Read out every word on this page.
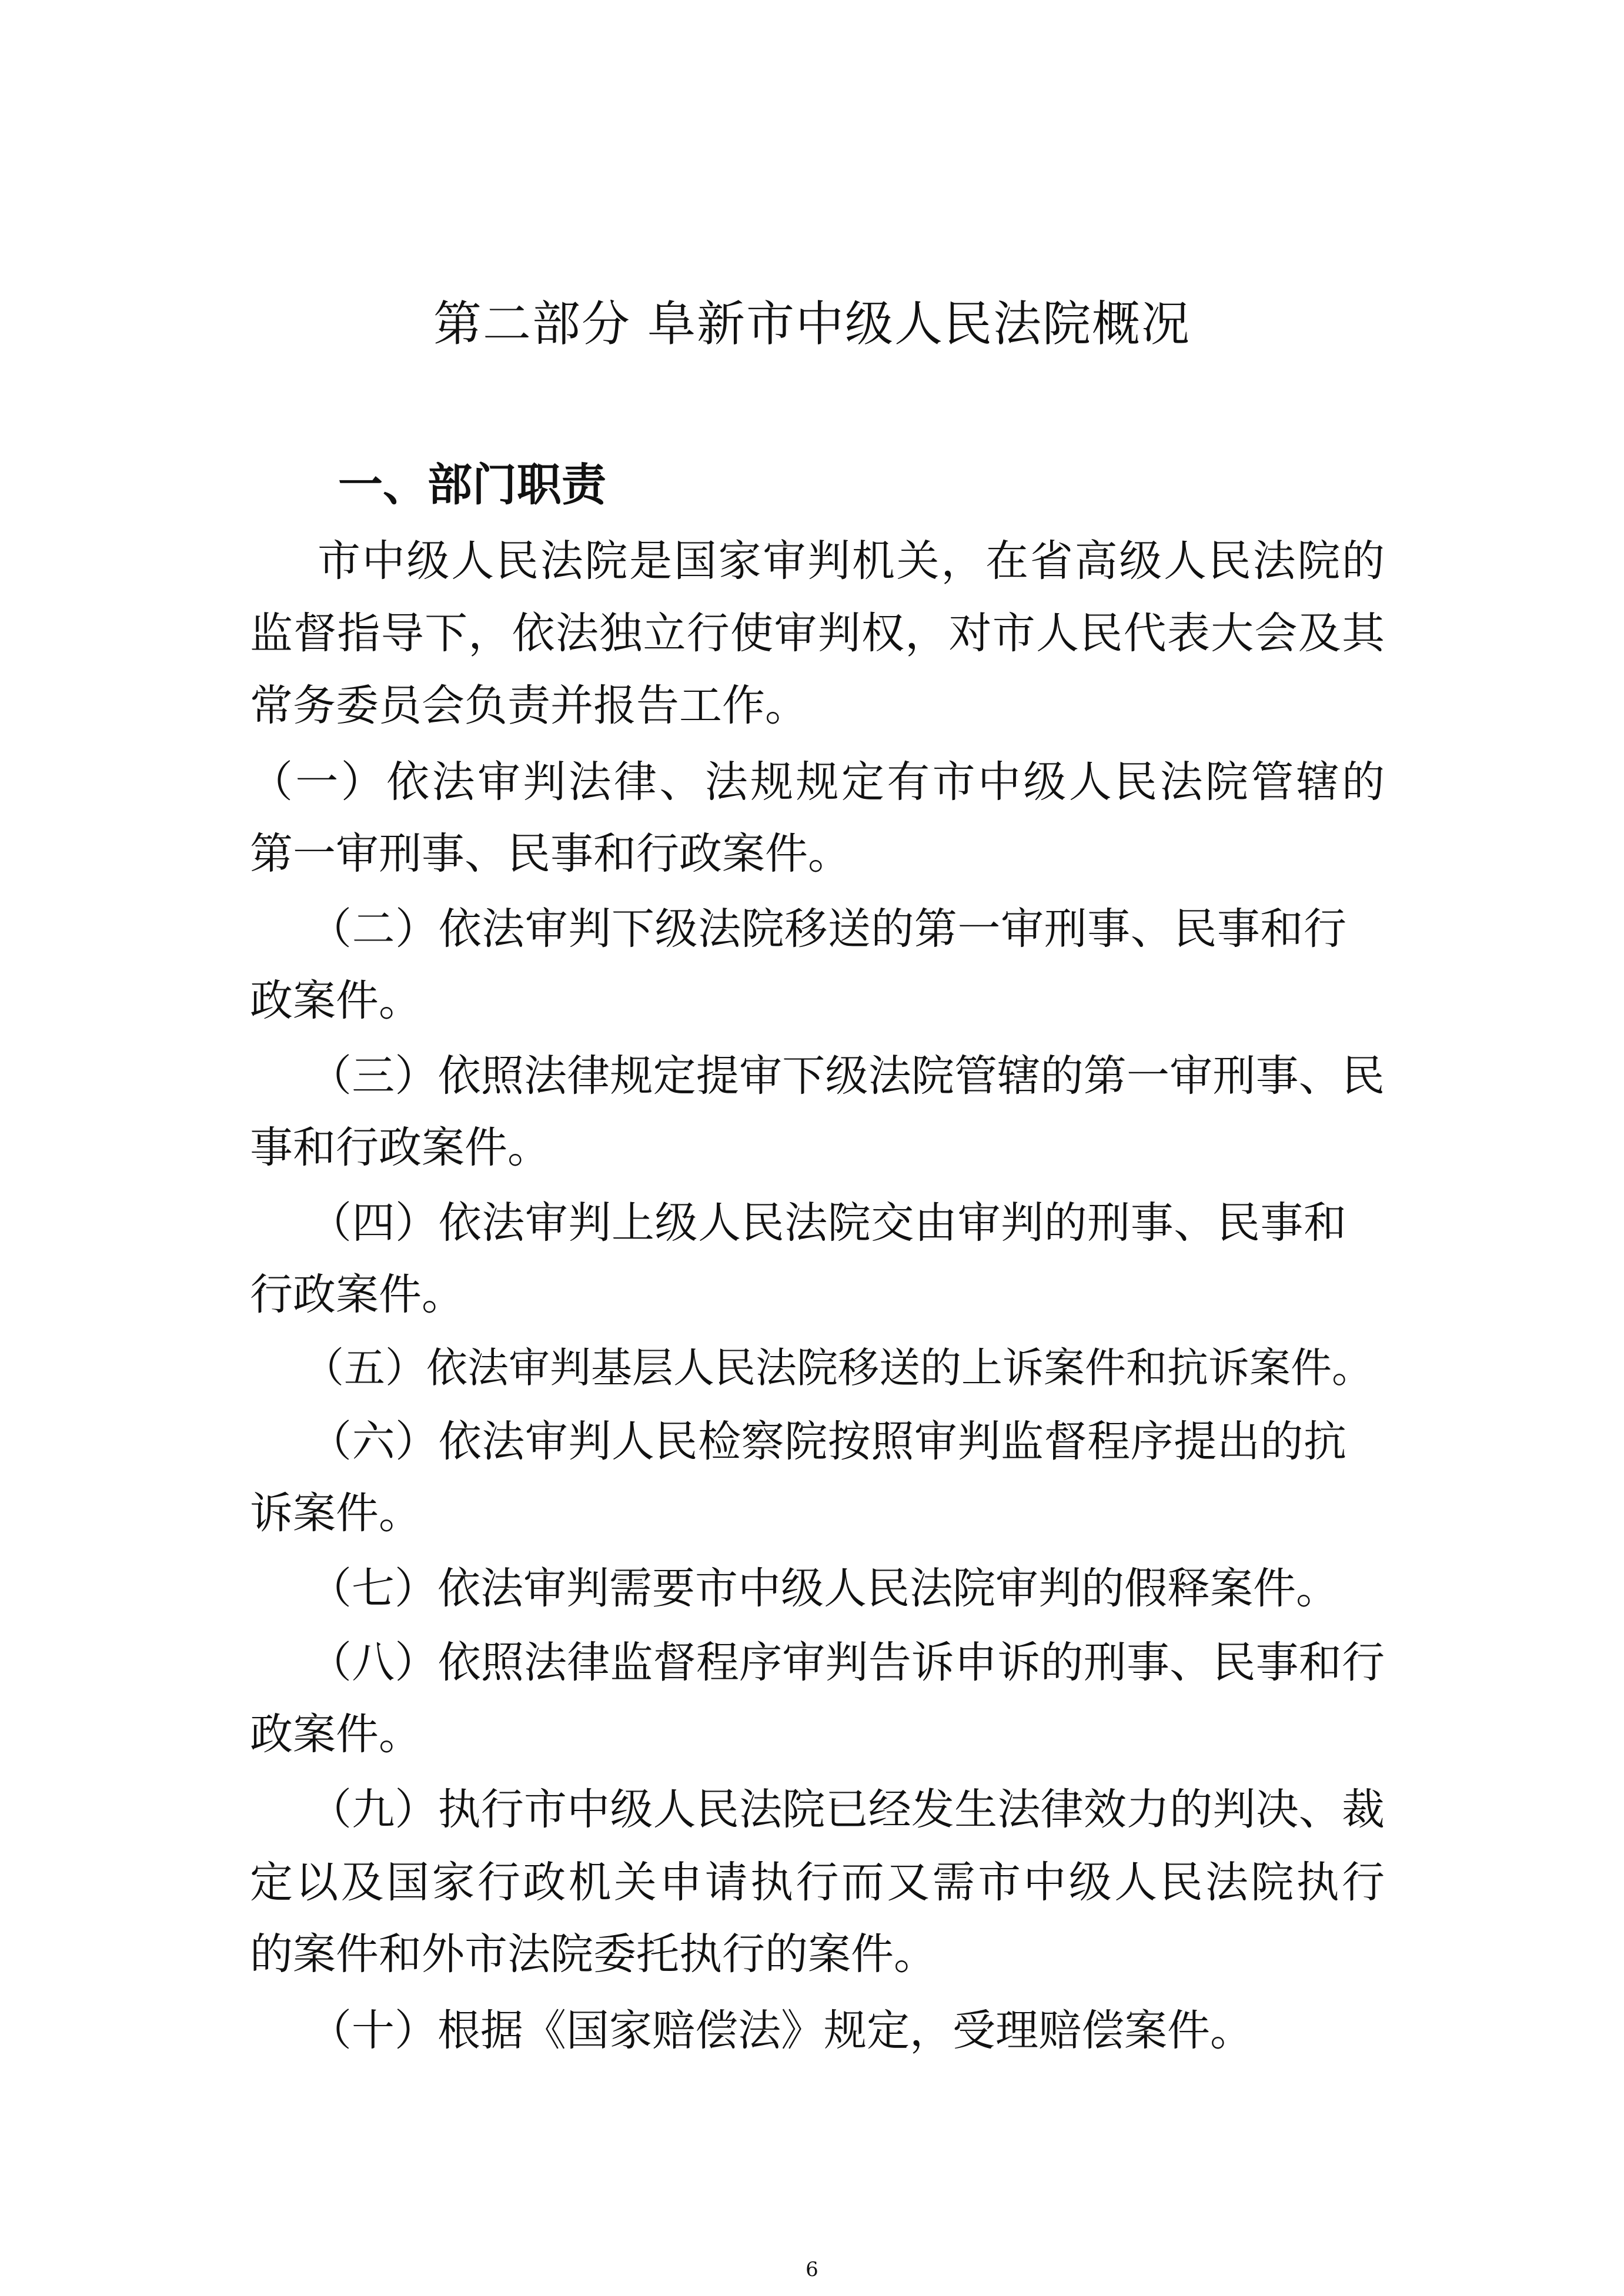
第二部分 阜新市中级人民法院概况
一、部门职责
市中级人民法院是国家审判机关，在省高级人民法院的
监督指导下，依法独立行使审判权，对市人民代表大会及其
常务委员会负责并报告工作。
（一）依法审判法律、法规规定有市中级人民法院管辖的
第一审刑事、民事和行政案件。
（二）依法审判下级法院移送的第一审刑事、民事和行
政案件。
（三）依照法律规定提审下级法院管辖的第一审刑事、民
事和行政案件。
（四）依法审判上级人民法院交由审判的刑事、民事和
行政案件。
（五）依法审判基层人民法院移送的上诉案件和抗诉案件。
（六）依法审判人民检察院按照审判监督程序提出的抗
诉案件。
（七）依法审判需要市中级人民法院审判的假释案件。
（八）依照法律监督程序审判告诉申诉的刑事、民事和行
政案件。
（九）执行市中级人民法院已经发生法律效力的判决、裁
定以及国家行政机关申请执行而又需市中级人民法院执行
的案件和外市法院委托执行的案件。
（十）根据《国家赔偿法》规定，受理赔偿案件。
6
